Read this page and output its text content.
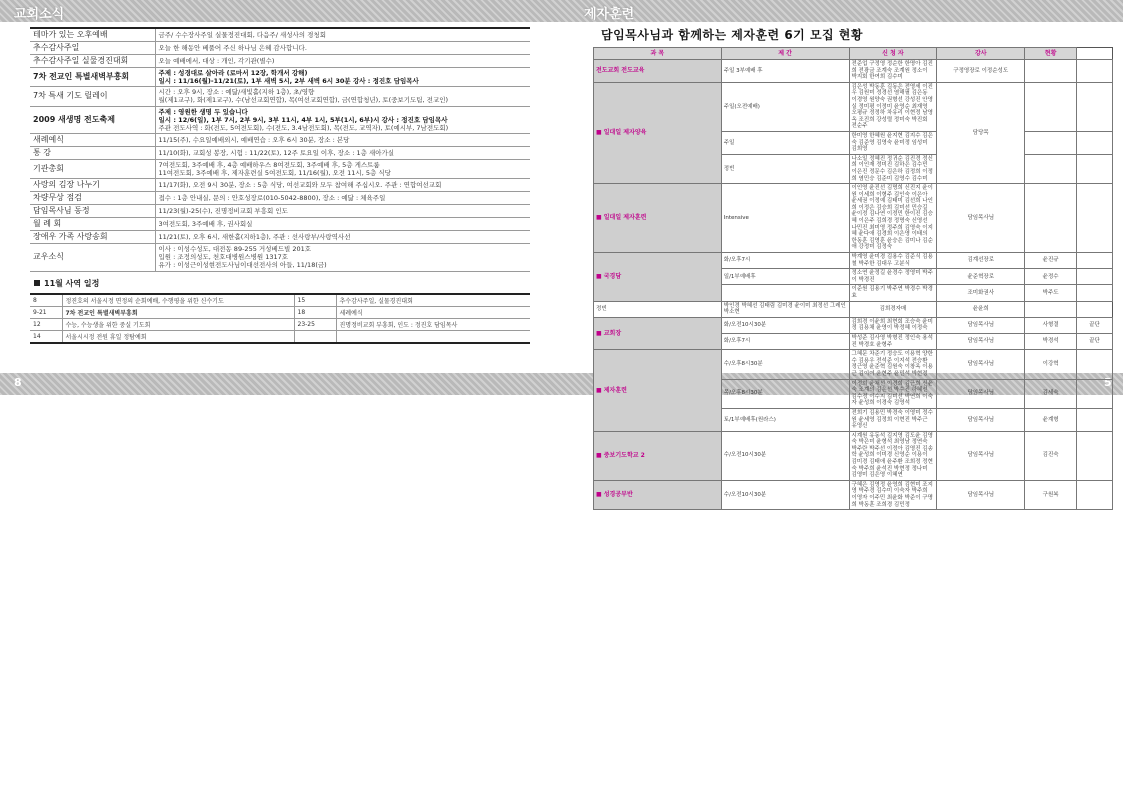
교회소식	제자훈련
8	5
테마가 있는 오후예배	금주/ 수수장사주일 실물정진대회, 다음주/ 새성사의 경청회

추수감사주일	오늘 한 해동안 베풀어 주신 하나님 은혜 감사합니다.

추수감사주일 실물경진대회	오늘 예배에서, 대상 : 개인, 각기관(별수)

7차 전교인 특별새벽부흥회	주제 : 성경대로 살아라 (로마서 12장, 학개서 강해)
일시 : 11/16(월)-11/21(토), 1부 새벽 5시, 2부 새벽 6시 30분 강사 : 정진호 담임목사

7차 특새 기도 릴레이	시간 : 오후 9시, 장소 : 예닮/새빛홀(지하 1층), 초/영향
월(제1교구), 화(제1교구), 수(남선교회연합), 목(여선교회연합), 금(연합청년), 토(중보기도팀, 전교인)

2009 새생명 전도축제	주제 : 영원한 생명 두 있습니다
일시 : 12/6(일), 1부 7시, 2부 9시, 3부 11시, 4부 1시, 5부(1시, 6부)시 강사 : 정진호 담임목사
주관 전도사역 : 화(전도, 5여전도회), 수(전도, 3.4남전도회), 목(전도, 교역자), 토(예시부, 7남전도회)

새례예식	11/15(주), 수요일예배외시, 예배연습 : 오후 6시 30분, 장소 : 본당

통 강	11/10(화), 교회성 봉장, 시험 : 11/22(토), 12주 토요일 이후, 장소 : 1층 새아가실

기관총회	7여전도회, 3주예배 후, 4층 예배하우스 8여전도회, 3주예배 후, 5층 게스트룸
11여전도회, 3주예배 후, 제자훈련실 5여전도회, 11/16(월), 오전 11시, 5층 식당

사랑의 김장 나누기	11/17(화), 오전 9시 30분, 장소 : 5층 식당, 여선교회와 모두 참여해 주십시오. 주관 : 연합여선교회

차량무상 점검	접수 : 1층 안내실, 문의 : 안호성장로(010-5042-8800), 장소 : 예닮 : 체육주일

담임목사님 동정	11/23(월)-25(수), 진명정비교회 부흥회 인도

월 례 회	3여전도회, 3주예배 후, 권사회실

장애우 가족 사랑송회	11/21(토), 오후 6시, 새한홀(지하1층), 주관 : 선사랑부/사랑역사선

교우소식	이사 : 이성수성도, 대전동 89-255 거성베드빌 201호
입원 : 조정의성도, 천호대병원스병원 1317호
유가 : 이성근이성현전도사님이대선전사의 아들, 11/18(금)
11월 사역 일정
8	정진호의 서울시정 면정의 순회예배, 수행평을 위한 신수기도	15	추수감사주일, 실물경진대회
9-21	7차 전교인 특별새벽부흥회	18	세례예식
12	수능, 수능생을 위한 중실 기도회	23-25	진명정비교회 부흥회, 인도 : 정진호 담임목사
14	서울시시정 전원 휴일 정탐예회		
담임목사님과 함께하는 제자훈련 6기 모집 현황
과 목	제 간	신 청 자	강사	현황	
전도교회 전도교육	주일 3부예배 후	전준업 구정영 정순한 한명아 김진희 전광금 조계숙 조계원 정소이 박지회 한여희 김수미	구정영장로 이정순성도		
■ 일대일 제자양육	주일(오전예배)	김은성 박동훈 김동은 전영세 이진우 김원미 정경선 염해필 김은동 이경영 원양숙 권형선 강성진 안영실 정미평 이정미 윤영순 최재영 오평규 정정하 차유리 이현정 남영옥 조진희 강성렬 정미숙 박진회 전순주	담당목		
	주일	한미영 한혜원 윤지현 김지수 김은숙 김준영 김영숙 윤미정 임성미 김희영			
	정빈	나소일 정혜진 정귀순 김진경 정신희 이인재 정미진 김하은 김수민 이은진 정문수 김은하 김정희 이정희 염민승 김준미 김영수 김수미			
■ 일대일 제자훈련	Intensive	이인영 윤진선 김명희 신진지 윤이원 이세희 이형주 김인숙 이은아 윤세권 이정예 김태미 김선희 나인희 이정은 김승희 김미선 민승길 윤이정 김나연 이정민 한이진 김승혜 이은주 김희경 정명숙 신영선 나민진 최미영 정주희 김영숙 이지혜 윤다애 김경희 이은영 이태의 한동훈 김영훈 윤승은 김미나 김순애 강정미 김정숙	담임목사님		
■ 국경담	화/오후7시	박계영 윤미경 김용수 김준식 김용철 박주한 김대우 고분식	김계선장로	윤진규	
	일/1부예배후	정소연 윤정길 윤경수 정영미 박주이 박경진	윤준혁장로	윤정수	
		이준원 김용기 박주연 박경수 박경효	조미화권사	박주도	
정빈	박인경 박혜선 김태림 김미경 윤이미 최정선 그레인 박소현	김희경자매	윤윤희		
■ 교회장	화/오전10시30분	김희경 이윤희 최현회 조승숙 윤미정 김용채 윤영이 박정혜 이정숙	담임목사님	사형결	끝단
	화/오후7시	박성준 김사영 박형진 정인숙 용석진 박경호 윤형주	담임목사님	박경석	끝단
■ 제자훈련	수/오후8시30분	그혜문 차준기 정승도 이용혁 양한수 김용우 전석준 이지석 전승환 정근영 윤준혁 김원숙 이창옥 이용근 김이여 윤현주 윤민석 박현정	담임목사님	이강혁	
	목/오후8시30분	이정희 윤채선 이경희 김근희 신윤숙 조계의 김은선 박수진 하혜선 김수정 이수지 김미선 박연희 이숙자 윤성희 이경숙 김영석	담임목사님	김세숙	
	토/1부예배후(원라스)	전희기 김용민 박경숙 이영미 정수원 윤세영 김정희 이현진 박주근 유영신	담임목사님	윤계형	
■ 중보기도학교 2	수/오전10시30분	시계원 유동석 김지영 김도윤 김영숙 박은미 윤형석 최영남 정연숙 박주란 박주선 이정아 김영진 김송학 윤성희 이미경 신영순 이용이 김미경 김태애 윤주환 조희정 정현숙 박주희 윤석진 박현정 정나미 김영미 김은영 이혜연	담임목사님	김진숙	
■ 성경공부반	수/오전10시30분	구혜은 김영정 윤영희 김현미 조지영 박주경 김수미 이숙자 박주희 이영자 이주민 최윤화 박준이 구명희 박동훈 조희경 김민정	담임목사님	구원복	
